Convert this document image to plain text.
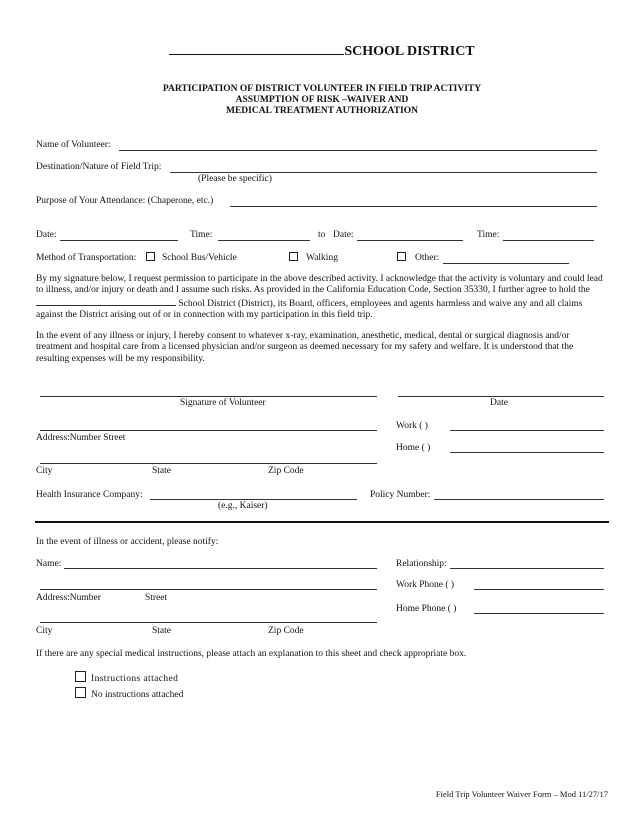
SCHOOL DISTRICT
PARTICIPATION OF DISTRICT VOLUNTEER IN FIELD TRIP ACTIVITY
ASSUMPTION OF RISK –WAIVER AND
MEDICAL TREATMENT AUTHORIZATION
Name of Volunteer:
Destination/Nature of Field Trip:
(Please be specific)
Purpose of Your Attendance: (Chaperone, etc.)
Date:	Time:	to Date:	Time:
Method of Transportation:	School Bus/Vehicle	Walking	Other:
By my signature below, I request permission to participate in the above described activity. I acknowledge that the activity is voluntary and could lead to illness, and/or injury or death and I assume such risks. As provided in the California Education Code, Section 35330, I further agree to hold the  School District (District), its Board, officers, employees and agents harmless and waive any and all claims against the District arising out of or in connection with my participation in this field trip.
In the event of any illness or injury, I hereby consent to whatever x-ray, examination, anesthetic, medical, dental or surgical diagnosis and/or treatment and hospital care from a licensed physician and/or surgeon as deemed necessary for my safety and welfare. It is understood that the resulting expenses will be my responsibility.
Signature of Volunteer	Date
Address:Number Street
Work ( )
Home ( )
City	State	Zip Code
Health Insurance Company:
(e.g., Kaiser)
Policy Number:
In the event of illness or accident, please notify:
Name:	Relationship:
Work Phone ( )
Address:Number	Street
Home Phone ( )
City	State	Zip Code
If there are any special medical instructions, please attach an explanation to this sheet and check appropriate box.
Instructions attached
No instructions attached
Field Trip Volunteer Waiver Form – Mod 11/27/17
